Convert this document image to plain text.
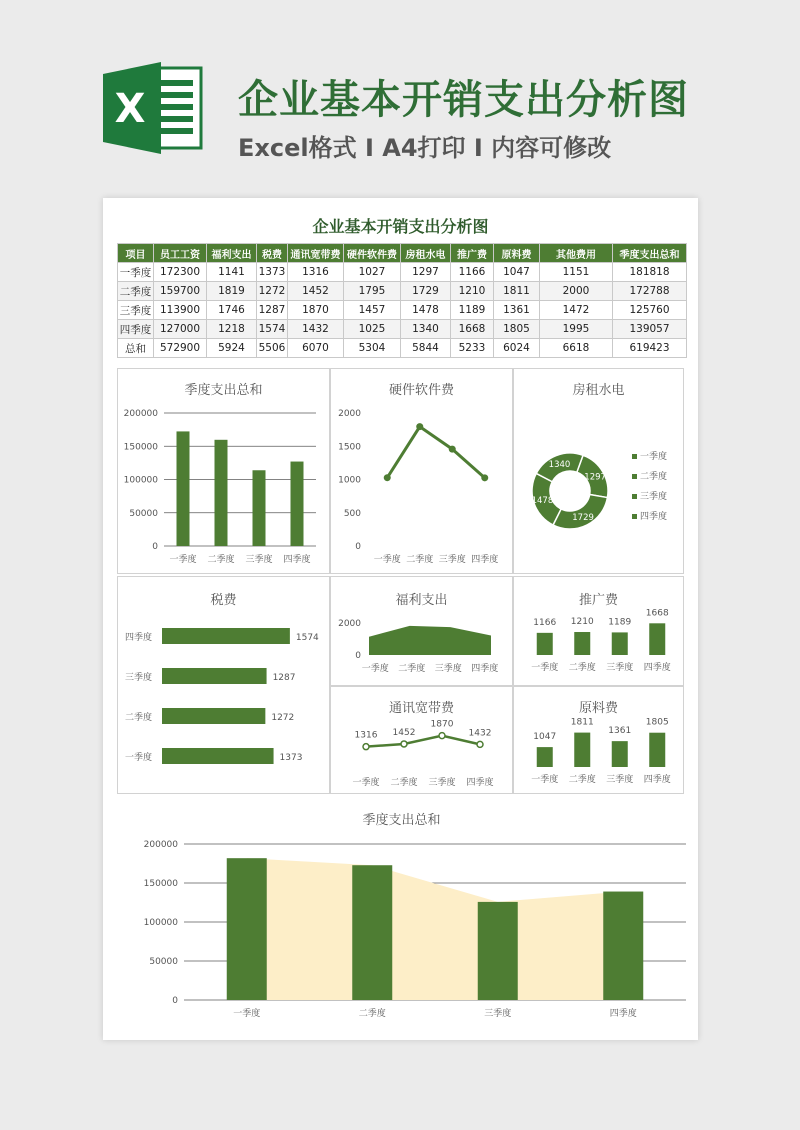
X 企业基本开销支出分析图
Excel格式 Ⅰ A4打印 Ⅰ 内容可修改
企业基本开销支出分析图
项目	员工工资	福利支出	税费	通讯宽带费	硬件软件费	房租水电	推广费	原料费	其他费用	季度支出总和
一季度	172300	1141	1373	1316	1027	1297	1166	1047	1151	181818
二季度	159700	1819	1272	1452	1795	1729	1210	1811	2000	172788
三季度	113900	1746	1287	1870	1457	1478	1189	1361	1472	125760
四季度	127000	1218	1574	1432	1025	1340	1668	1805	1995	139057
总和	572900	5924	5506	6070	5304	5844	5233	6024	6618	619423
季度支出总和
200000
150000
100000
50000
0
一季度 二季度 三季度 四季度
硬件软件费
2000
1500
1000
500
0
一季度 二季度 三季度 四季度
房租水电
1297
1729
1478
1340
一季度
二季度
三季度
四季度
税费
四季度	1574
三季度	1287
二季度	1272
一季度	1373
福利支出
2000
0
一季度 二季度 三季度 四季度
推广费
1166
一季度
1210
二季度
1189
三季度
1668
四季度
通讯宽带费
1316
一季度
1452
二季度
1870
三季度
1432
四季度
原料费
1047
一季度
1811
二季度
1361
三季度
1805
四季度
季度支出总和
200000
150000
100000
50000
0
一季度	二季度	三季度	四季度
